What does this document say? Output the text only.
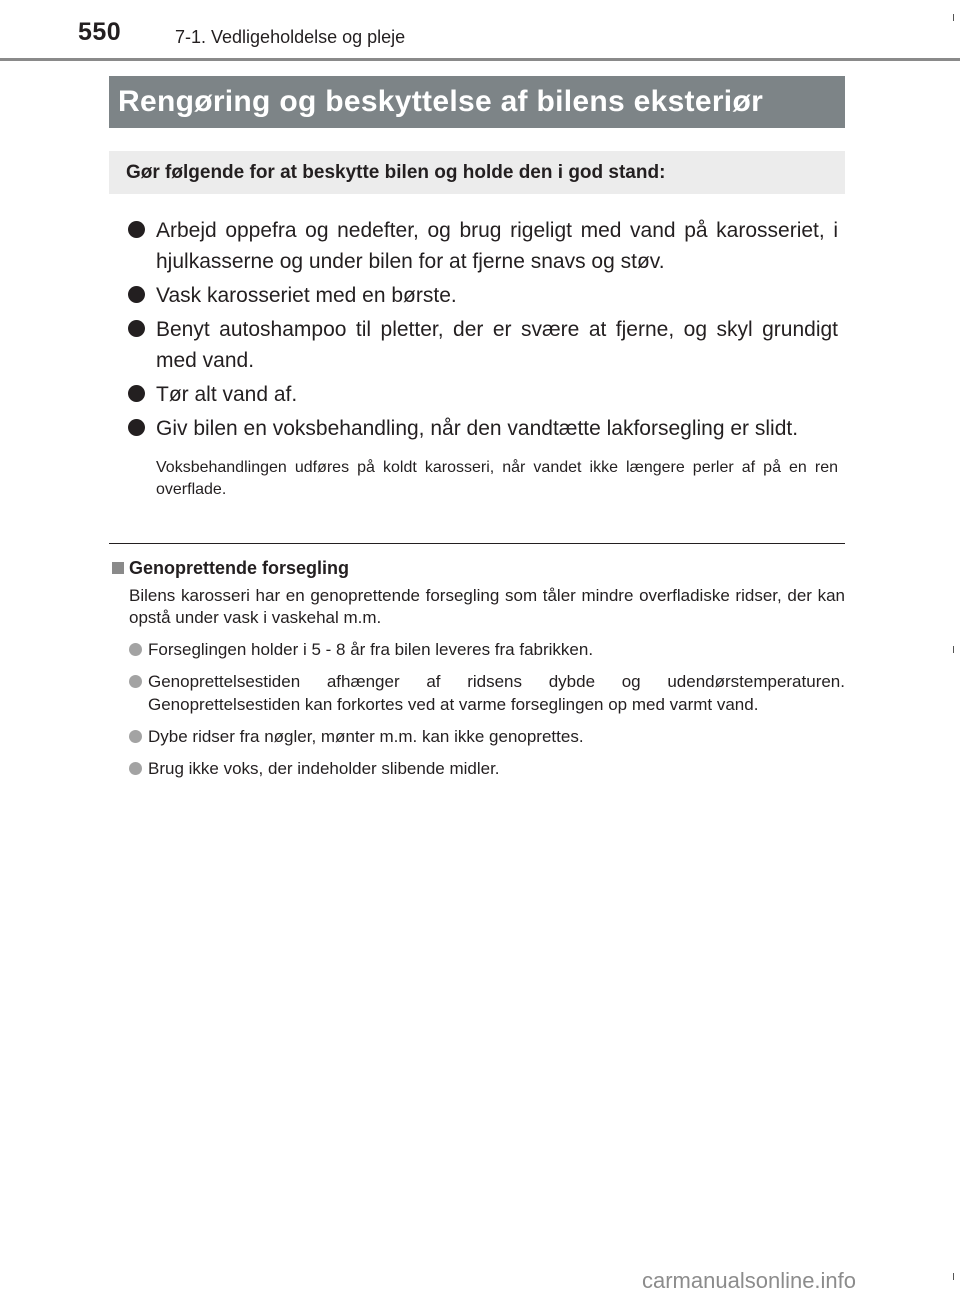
550	7-1. Vedligeholdelse og pleje
Rengøring og beskyttelse af bilens eksteriør
Gør følgende for at beskytte bilen og holde den i god stand:
Arbejd oppefra og nedefter, og brug rigeligt med vand på karosseriet, i hjulkasserne og under bilen for at fjerne snavs og støv.
Vask karosseriet med en børste.
Benyt autoshampoo til pletter, der er svære at fjerne, og skyl grundigt med vand.
Tør alt vand af.
Giv bilen en voksbehandling, når den vandtætte lakforsegling er slidt.
Voksbehandlingen udføres på koldt karosseri, når vandet ikke længere perler af på en ren overflade.
Genoprettende forsegling
Bilens karosseri har en genoprettende forsegling som tåler mindre overfladiske ridser, der kan opstå under vask i vaskehal m.m.
Forseglingen holder i 5 - 8 år fra bilen leveres fra fabrikken.
Genoprettelsestiden afhænger af ridsens dybde og udendørstemperaturen. Genoprettelsestiden kan forkortes ved at varme forseglingen op med varmt vand.
Dybe ridser fra nøgler, mønter m.m. kan ikke genoprettes.
Brug ikke voks, der indeholder slibende midler.
carmanualsonline.info
